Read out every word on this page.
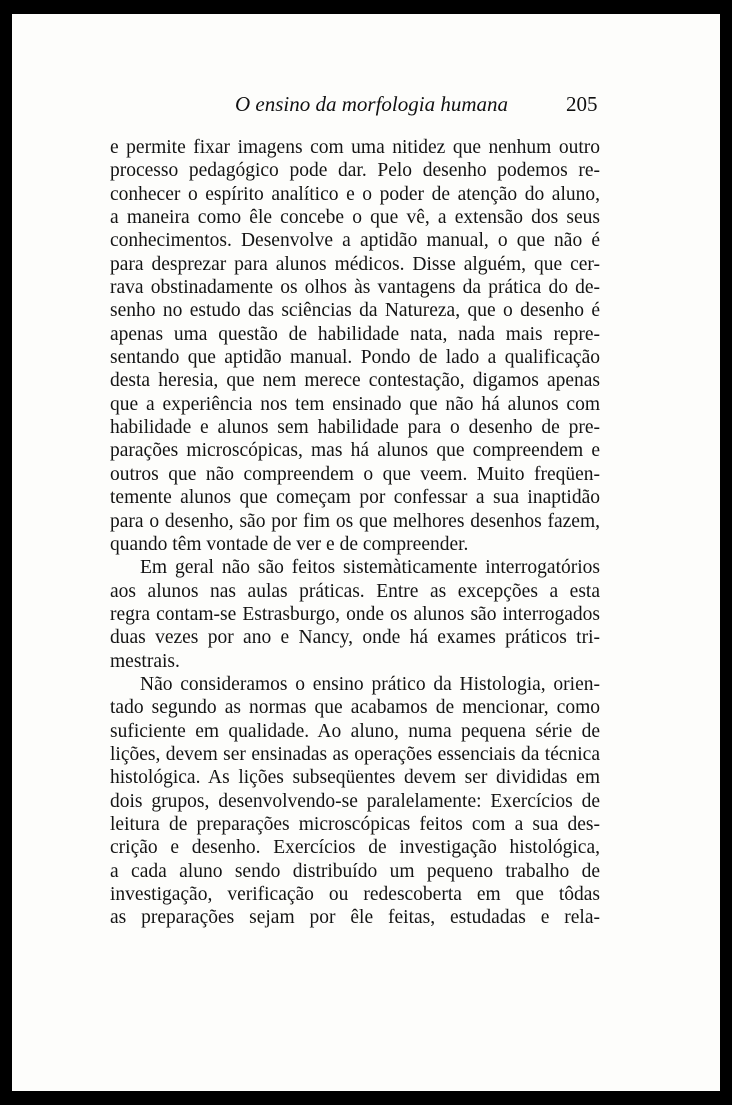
O ensino da morfologia humana	205
e permite fixar imagens com uma nitidez que nenhum outro
processo pedagógico pode dar. Pelo desenho podemos re-
conhecer o espírito analítico e o poder de atenção do aluno,
a maneira como êle concebe o que vê, a extensão dos seus
conhecimentos. Desenvolve a aptidão manual, o que não é
para desprezar para alunos médicos. Disse alguém, que cer-
rava obstinadamente os olhos às vantagens da prática do de-
senho no estudo das sciências da Natureza, que o desenho é
apenas uma questão de habilidade nata, nada mais repre-
sentando que aptidão manual. Pondo de lado a qualificação
desta heresia, que nem merece contestação, digamos apenas
que a experiência nos tem ensinado que não há alunos com
habilidade e alunos sem habilidade para o desenho de pre-
parações microscópicas, mas há alunos que compreendem e
outros que não compreendem o que veem. Muito freqüen-
temente alunos que começam por confessar a sua inaptidão
para o desenho, são por fim os que melhores desenhos fazem,
quando têm vontade de ver e de compreender.
Em geral não são feitos sistemàticamente interrogatórios
aos alunos nas aulas práticas. Entre as excepções a esta
regra contam-se Estrasburgo, onde os alunos são interrogados
duas vezes por ano e Nancy, onde há exames práticos tri-
mestrais.
Não consideramos o ensino prático da Histologia, orien-
tado segundo as normas que acabamos de mencionar, como
suficiente em qualidade. Ao aluno, numa pequena série de
lições, devem ser ensinadas as operações essenciais da técnica
histológica. As lições subseqüentes devem ser divididas em
dois grupos, desenvolvendo-se paralelamente: Exercícios de
leitura de preparações microscópicas feitos com a sua des-
crição e desenho. Exercícios de investigação histológica,
a cada aluno sendo distribuído um pequeno trabalho de
investigação, verificação ou redescoberta em que tôdas
as preparações sejam por êle feitas, estudadas e rela-
